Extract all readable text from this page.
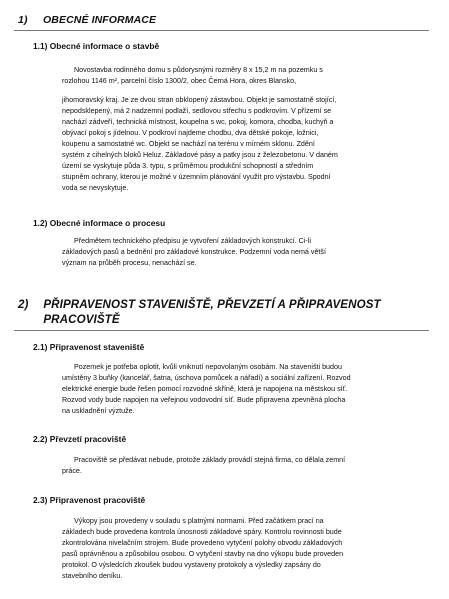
1) OBECNÉ INFORMACE
1.1) Obecné informace o stavbě
Novostavba rodinného domu s půdorysnými rozměry 8 x 15,2 m na pozemku s
rozlohou 1146 m², parcelní číslo 1300/2, obec Černá Hora, okres Blansko,
jihomoravský kraj. Je ze dvou stran obklopený zástavbou. Objekt je samostatně stojící,
nepodsklepený, má 2 nadzemní podlaží, sedlovou střechu s podkrovím. V přízemí se
nachází zádveří, technická místnost, koupelna s wc, pokoj, komora, chodba, kuchyň a
obývací pokoj s jídelnou. V podkroví najdeme chodbu, dva dětské pokoje, ložnici,
koupenu a samostatné wc. Objekt se nachází na terénu v mírném sklonu. Zdění
systém z cihelných bloků Heluz. Základové pásy a patky jsou z železobetonu. V daném
území se vyskytuje půda 3. typu, s průměrnou produkční schopností a středním
stupněm ochrany, kterou je možné v územním plánování využít pro výstavbu. Spodní
voda se nevyskytuje.
1.2) Obecné informace o procesu
Předmětem technického předpisu je vytvoření základových konstrukcí. Ci-li
základových pasů a bednění pro základové konstrukce. Podzemní voda nemá větší
význam na průběh procesu, nenachází se.
2) PŘIPRAVENOST STAVENIŠTĚ, PŘEVZETÍ A PŘIPRAVENOST
PRACOVIŠTĚ
2.1) Připravenost staveniště
Pozemek je potřeba oplotit, kvůli vniknutí nepovolaným osobám. Na staveništi budou
umístěny 3 buňky (kancelář, šatna, úschova pomůcek a nářadí) a sociální zařízení. Rozvod
elektrické energie bude řešen pomocí rozvodné skříně, která je napojena na městskou síť.
Rozvod vody bude napojen na veřejnou vodovodní síť. Bude připravena zpevněná plocha
na uskladnění výztuže.
2.2) Převzetí pracoviště
Pracoviště se předávat nebude, protože základy provádí stejná firma, co dělala zemní
práce.
2.3) Připravenost pracoviště
Výkopy jsou provedeny v souladu s platnými normami. Před začátkem prací na
základech bude provedena kontrola únosnosti základové spáry. Kontrolu rovinnosti bude
zkontrolována nivelačním strojem. Bude provedeno vytyčení polohy obvodu základových
pasů oprávněnou a způsobilou osobou. O vytyčení stavby na dno výkopu bude proveden
protokol. O výsledcích zkoušek budou vystaveny protokoly a výsledky zapsány do
stavebního deníku.
